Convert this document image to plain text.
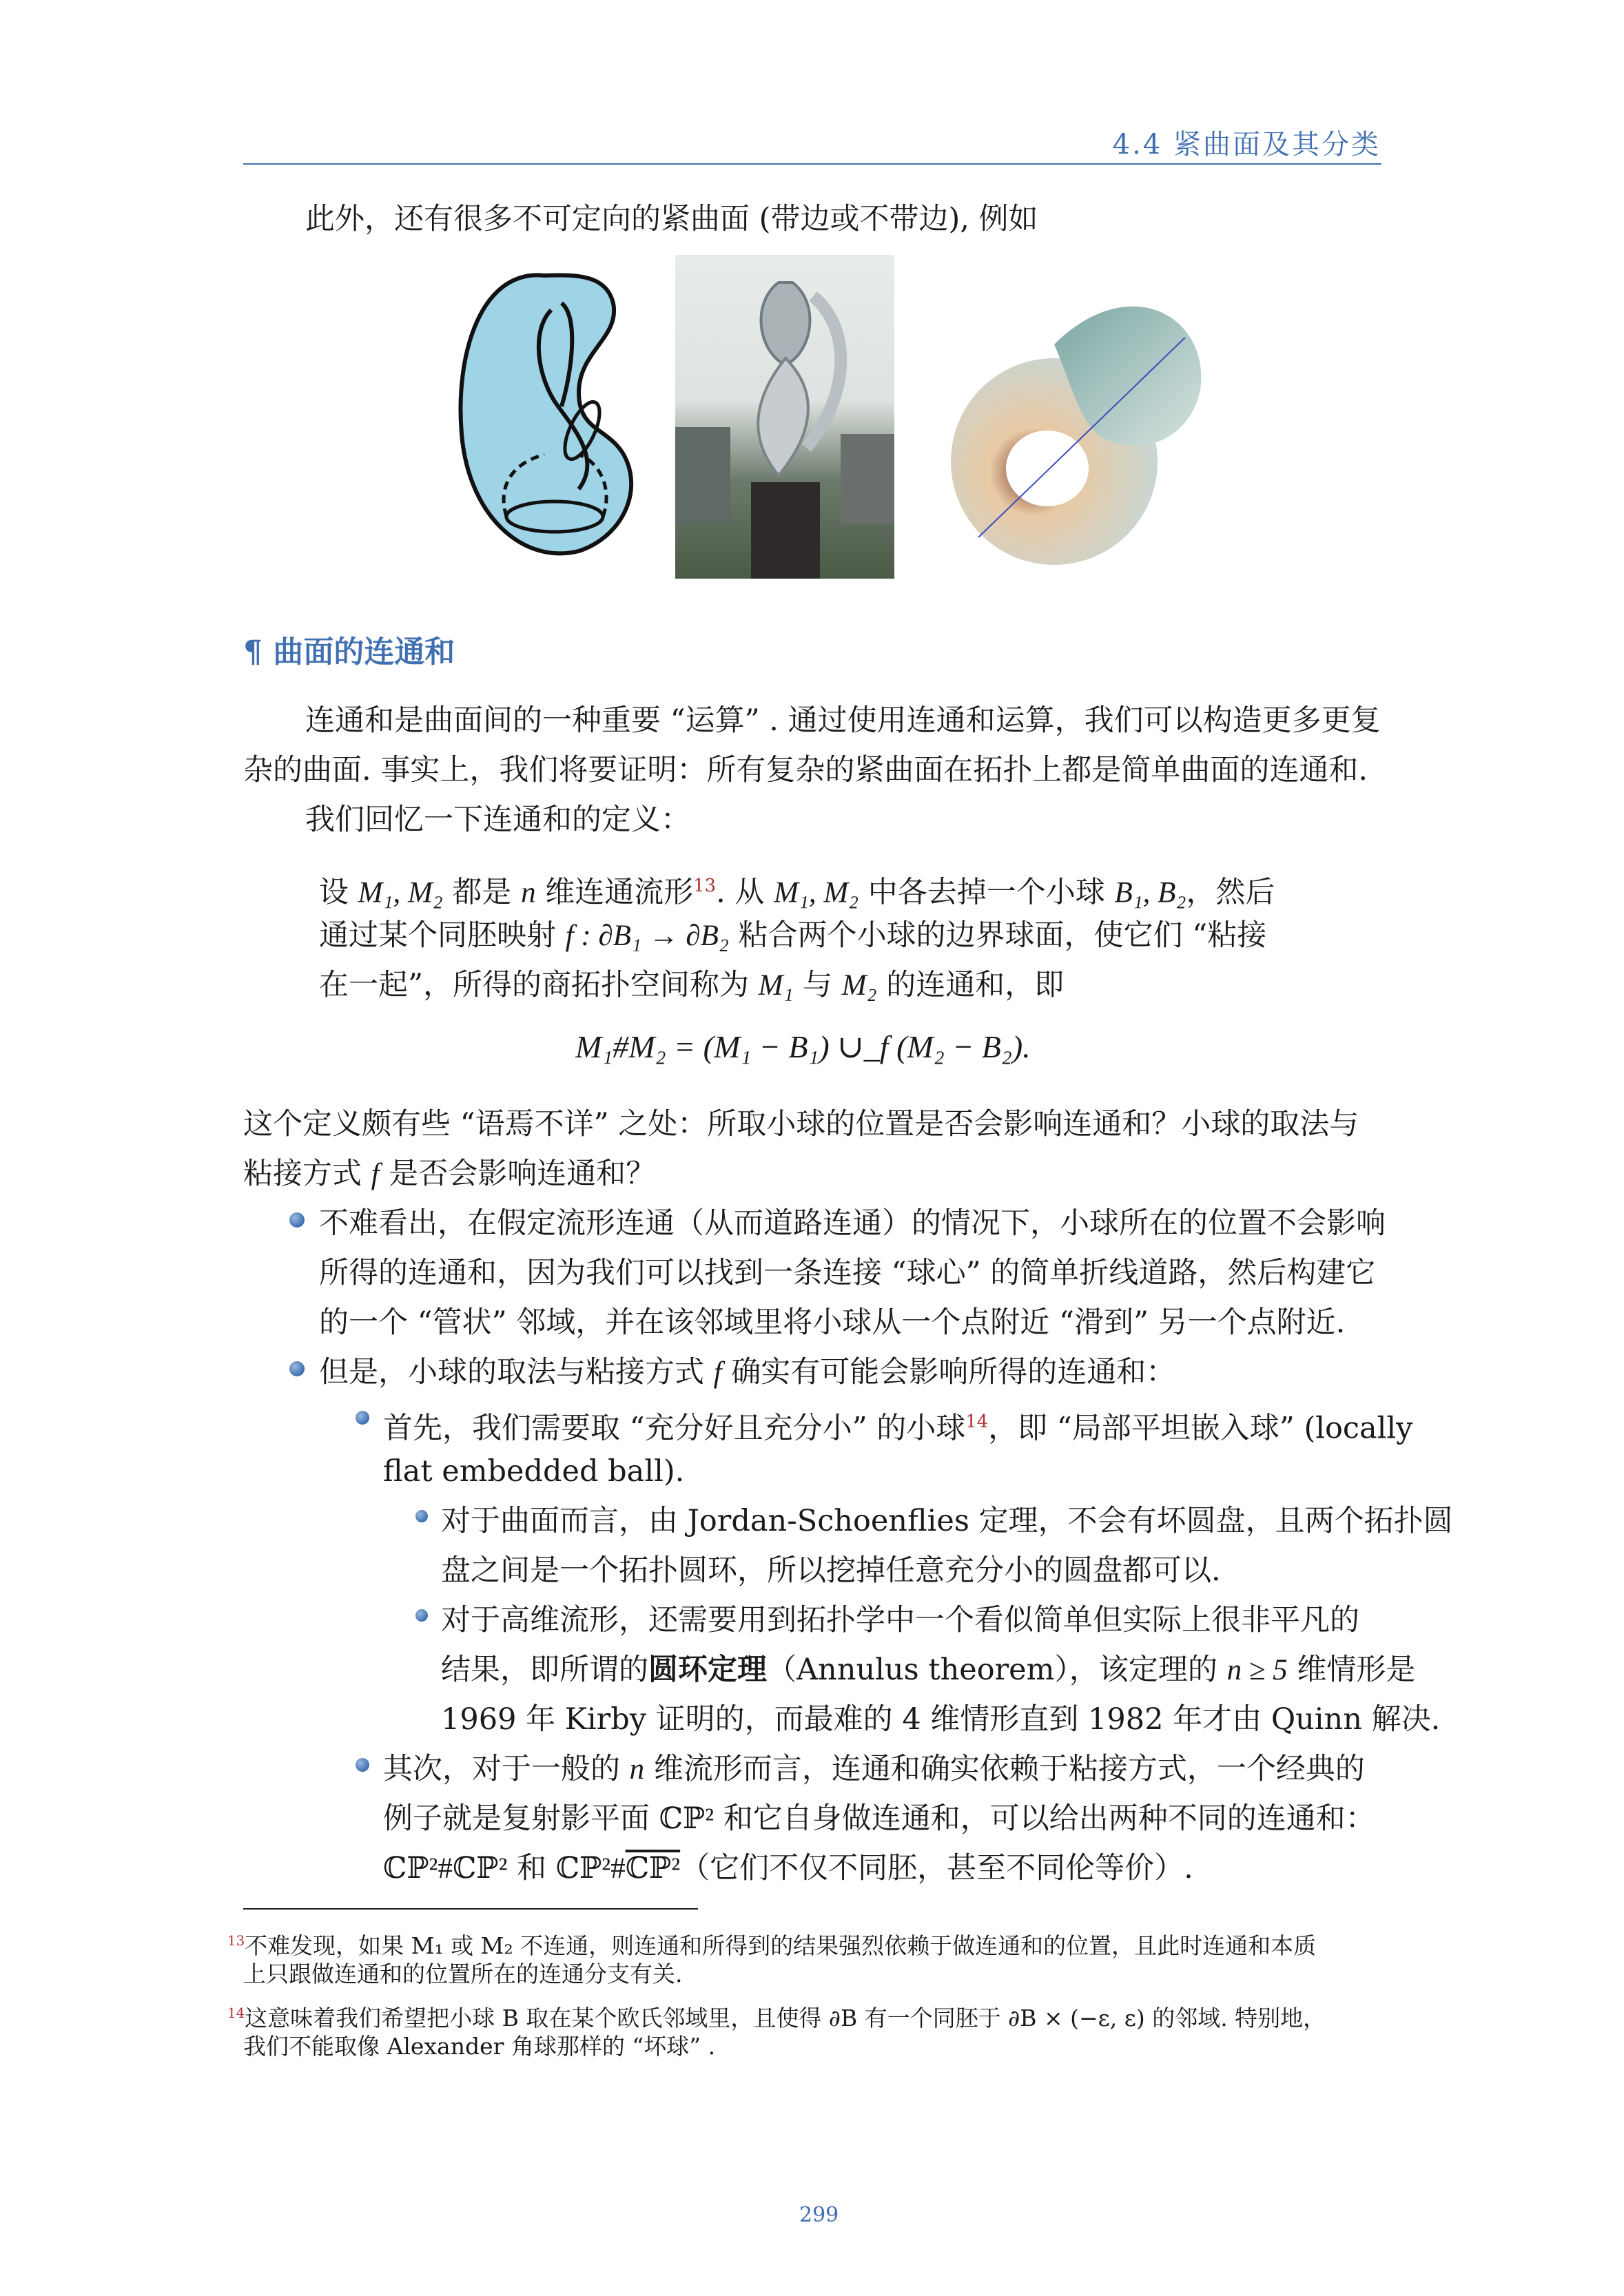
4.4 紧曲面及其分类
此外，还有很多不可定向的紧曲面 (带边或不带边), 例如
¶ 曲面的连通和
连通和是曲面间的一种重要 “运算” . 通过使用连通和运算，我们可以构造更多更复
杂的曲面. 事实上，我们将要证明：所有复杂的紧曲面在拓扑上都是简单曲面的连通和.
我们回忆一下连通和的定义：
设 M₁, M₂ 都是 n 维连通流形$^{13}$. 从 M₁, M₂ 中各去掉一个小球 B₁, B₂，然后
通过某个同胚映射 f : ∂B₁ → ∂B₂ 粘合两个小球的边界球面，使它们 “粘接
在一起”，所得的商拓扑空间称为 M₁ 与 M₂ 的连通和，即
M₁#M₂ = (M₁ − B₁) ∪_f (M₂ − B₂).
这个定义颇有些 “语焉不详” 之处：所取小球的位置是否会影响连通和？小球的取法与
粘接方式 f 是否会影响连通和？
不难看出，在假定流形连通（从而道路连通）的情况下，小球所在的位置不会影响
所得的连通和，因为我们可以找到一条连接 “球心” 的简单折线道路，然后构建它
的一个 “管状” 邻域，并在该邻域里将小球从一个点附近 “滑到” 另一个点附近.
但是，小球的取法与粘接方式 f 确实有可能会影响所得的连通和：
首先，我们需要取 “充分好且充分小” 的小球$^{14}$，即 “局部平坦嵌入球” (locally
flat embedded ball).
对于曲面而言，由 Jordan-Schoenflies 定理，不会有坏圆盘，且两个拓扑圆
盘之间是一个拓扑圆环，所以挖掉任意充分小的圆盘都可以.
对于高维流形，还需要用到拓扑学中一个看似简单但实际上很非平凡的
结果，即所谓的圆环定理（Annulus theorem），该定理的 n ≥ 5 维情形是
1969 年 Kirby 证明的，而最难的 4 维情形直到 1982 年才由 Quinn 解决.
其次，对于一般的 n 维流形而言，连通和确实依赖于粘接方式，一个经典的
例子就是复射影平面 ℂℙ² 和它自身做连通和，可以给出两种不同的连通和：
ℂℙ²#ℂℙ² 和 ℂℙ²#ℂℙ²（它们不仅不同胚，甚至不同伦等价）.
$^{13}$不难发现，如果 M₁ 或 M₂ 不连通，则连通和所得到的结果强烈依赖于做连通和的位置，且此时连通和本质
上只跟做连通和的位置所在的连通分支有关.
$^{14}$这意味着我们希望把小球 B 取在某个欧氏邻域里，且使得 ∂B 有一个同胚于 ∂B × (−ε, ε) 的邻域. 特别地，
我们不能取像 Alexander 角球那样的 “坏球” .
299
